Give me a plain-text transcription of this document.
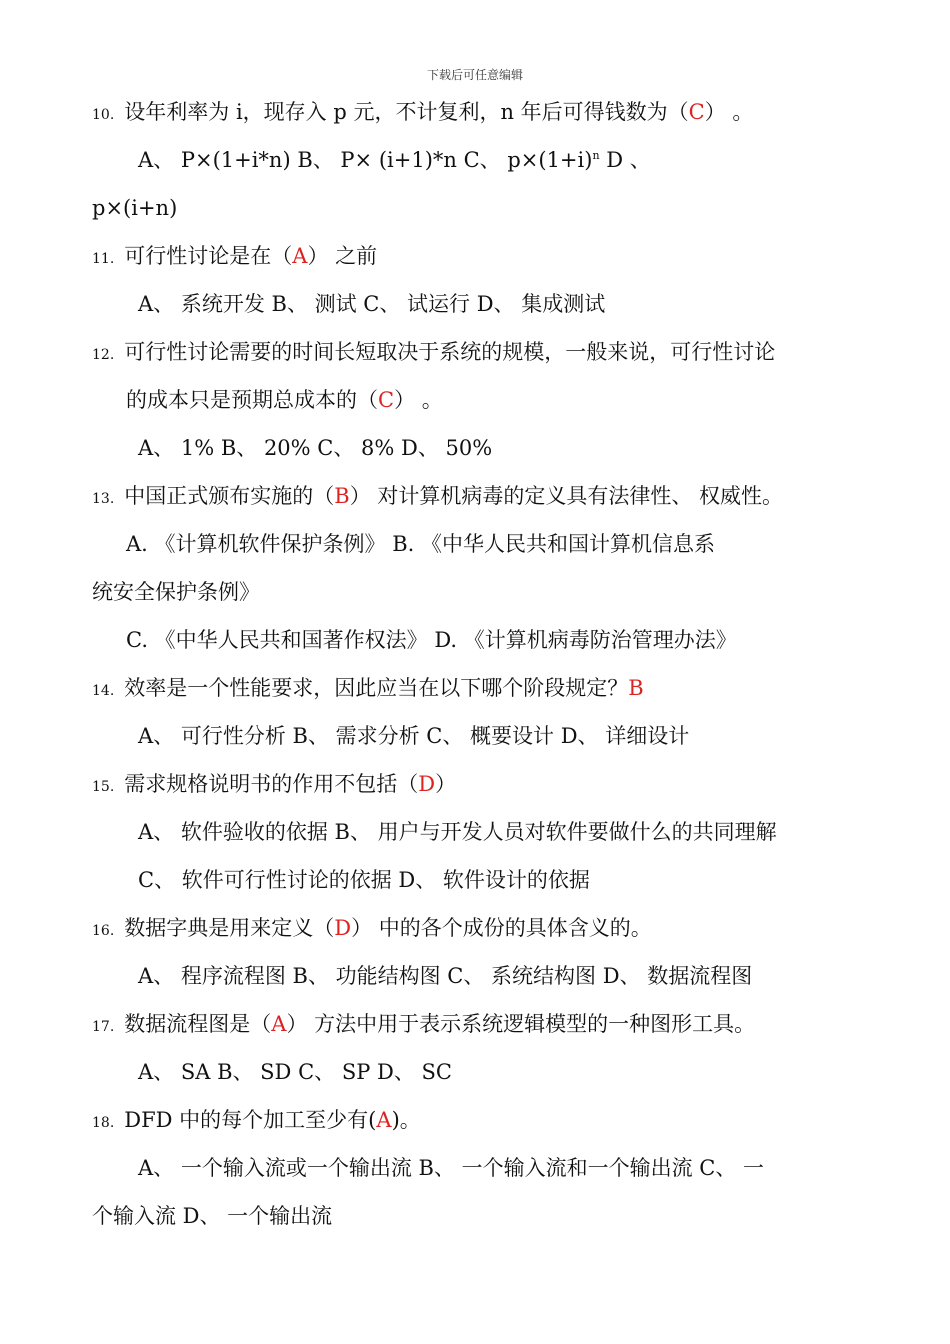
下载后可任意编辑
10. 设年利率为 i，现存入 p 元，不计复利，n 年后可得钱数为（C） 。
A、 P×(1+i*n) B、 P× (i+1)*n C、 $p\times(1+i)^n$ D 、
p×(i+n)
11. 可行性讨论是在（A） 之前
A、 系统开发 B、 测试 C、 试运行 D、 集成测试
12. 可行性讨论需要的时间长短取决于系统的规模，一般来说，可行性讨论
的成本只是预期总成本的（C） 。
A、 1% B、 20% C、 8% D、 50%
13. 中国正式颁布实施的（B） 对计算机病毒的定义具有法律性、 权威性。
A. 《计算机软件保护条例》 B. 《中华人民共和国计算机信息系
统安全保护条例》
C. 《中华人民共和国著作权法》 D. 《计算机病毒防治管理办法》
14. 效率是一个性能要求，因此应当在以下哪个阶段规定？B
A、 可行性分析 B、 需求分析 C、 概要设计 D、 详细设计
15. 需求规格说明书的作用不包括（D）
A、 软件验收的依据 B、 用户与开发人员对软件要做什么的共同理解
C、 软件可行性讨论的依据 D、 软件设计的依据
16. 数据字典是用来定义（D） 中的各个成份的具体含义的。
A、 程序流程图 B、 功能结构图 C、 系统结构图 D、 数据流程图
17. 数据流程图是（A） 方法中用于表示系统逻辑模型的一种图形工具。
A、 SA B、 SD C、 SP D、 SC
18. DFD 中的每个加工至少有(A)。
A、 一个输入流或一个输出流 B、 一个输入流和一个输出流 C、 一
个输入流 D、 一个输出流
